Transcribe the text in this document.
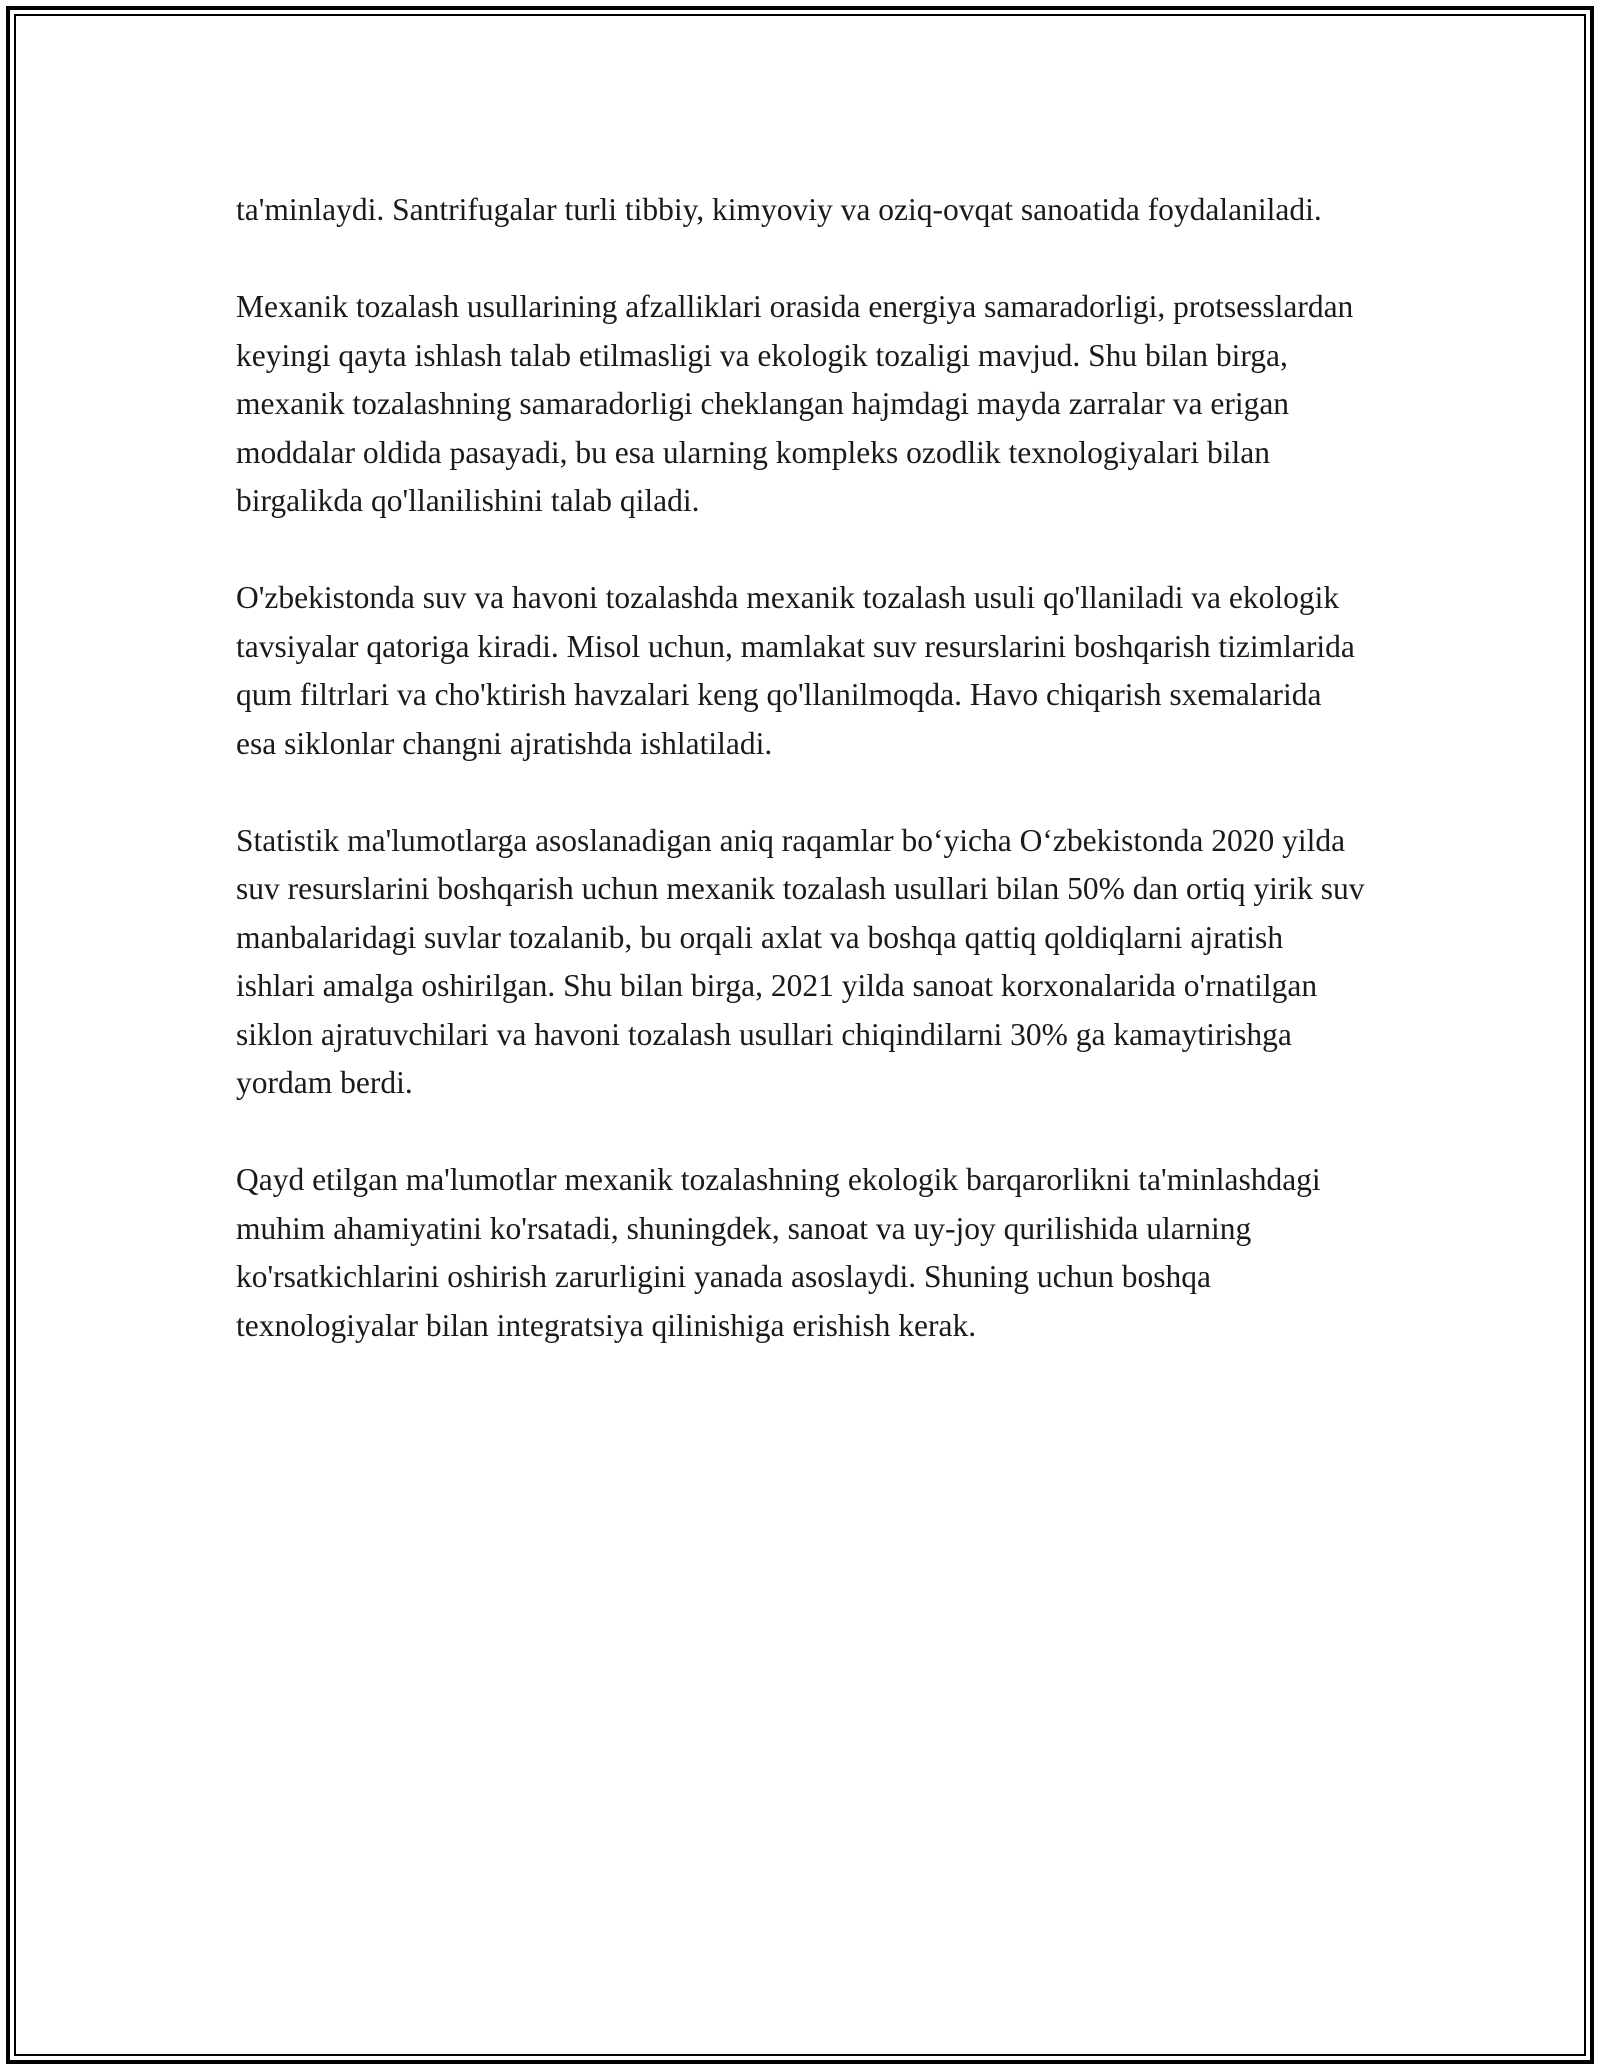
ta'minlaydi. Santrifugalar turli tibbiy, kimyoviy va oziq-ovqat sanoatida foydalaniladi.

Mexanik tozalash usullarining afzalliklari orasida energiya samaradorligi, protsesslardan keyingi qayta ishlash talab etilmasligi va ekologik tozaligi mavjud. Shu bilan birga, mexanik tozalashning samaradorligi cheklangan hajmdagi mayda zarralar va erigan moddalar oldida pasayadi, bu esa ularning kompleks ozodlik texnologiyalari bilan birgalikda qo'llanilishini talab qiladi.

O'zbekistonda suv va havoni tozalashda mexanik tozalash usuli qo'llaniladi va ekologik tavsiyalar qatoriga kiradi. Misol uchun, mamlakat suv resurslarini boshqarish tizimlarida qum filtrlari va cho'ktirish havzalari keng qo'llanilmoqda. Havo chiqarish sxemalarida esa siklonlar changni ajratishda ishlatiladi.

Statistik ma'lumotlarga asoslanadigan aniq raqamlar bo‘yicha O‘zbekistonda 2020 yilda suv resurslarini boshqarish uchun mexanik tozalash usullari bilan 50% dan ortiq yirik suv manbalaridagi suvlar tozalanib, bu orqali axlat va boshqa qattiq qoldiqlarni ajratish ishlari amalga oshirilgan. Shu bilan birga, 2021 yilda sanoat korxonalarida o'rnatilgan siklon ajratuvchilari va havoni tozalash usullari chiqindilarni 30% ga kamaytirishga yordam berdi.

Qayd etilgan ma'lumotlar mexanik tozalashning ekologik barqarorlikni ta'minlashdagi muhim ahamiyatini ko'rsatadi, shuningdek, sanoat va uy-joy qurilishida ularning ko'rsatkichlarini oshirish zarurligini yanada asoslaydi. Shuning uchun boshqa texnologiyalar bilan integratsiya qilinishiga erishish kerak.
